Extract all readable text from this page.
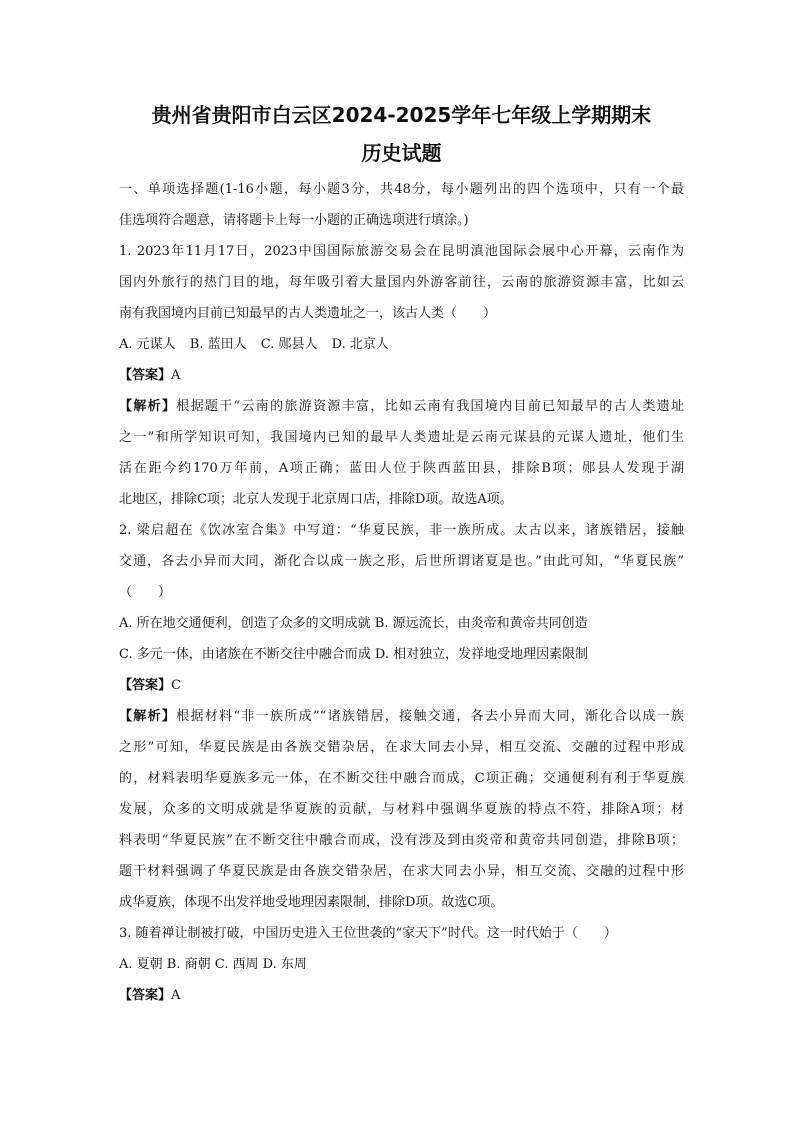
贵州省贵阳市白云区2024-2025学年七年级上学期期末
历史试题
一、单项选择题(1-16小题，每小题3分，共48分，每小题列出的四个选项中，只有一个最
佳选项符合题意，请将题卡上每一小题的正确选项进行填涂。)
1. 2023年11月17日，2023中国国际旅游交易会在昆明滇池国际会展中心开幕，云南作为
国内外旅行的热门目的地，每年吸引着大量国内外游客前往，云南的旅游资源丰富，比如云
南有我国境内目前已知最早的古人类遗址之一，该古人类（　　）
A. 元谋人 B. 蓝田人 C. 郧县人 D. 北京人
【答案】A
【解析】根据题干“云南的旅游资源丰富，比如云南有我国境内目前已知最早的古人类遗址
之一”和所学知识可知，我国境内已知的最早人类遗址是云南元谋县的元谋人遗址，他们生
活在距今约170万年前，A项正确；蓝田人位于陕西蓝田县，排除B项；郧县人发现于湖
北地区，排除C项；北京人发现于北京周口店，排除D项。故选A项。
2. 梁启超在《饮冰室合集》中写道：“华夏民族，非一族所成。太古以来，诸族错居，接触
交通，各去小异而大同，渐化合以成一族之形，后世所谓诸夏是也。”由此可知，“华夏民族”
（　　）
A. 所在地交通便利，创造了众多的文明成就 B. 源远流长，由炎帝和黄帝共同创造
C. 多元一体，由诸族在不断交往中融合而成 D. 相对独立，发祥地受地理因素限制
【答案】C
【解析】根据材料“非一族所成”“诸族错居，接触交通，各去小异而大同，渐化合以成一族
之形”可知，华夏民族是由各族交错杂居，在求大同去小异，相互交流、交融的过程中形成
的，材料表明华夏族多元一体，在不断交往中融合而成，C项正确；交通便利有利于华夏族
发展，众多的文明成就是华夏族的贡献，与材料中强调华夏族的特点不符，排除A项；材
料表明“华夏民族”在不断交往中融合而成，没有涉及到由炎帝和黄帝共同创造，排除B项；
题干材料强调了华夏民族是由各族交错杂居，在求大同去小异，相互交流、交融的过程中形
成华夏族，体现不出发祥地受地理因素限制，排除D项。故选C项。
3. 随着禅让制被打破，中国历史进入王位世袭的“家天下”时代。这一时代始于（　　）
A. 夏朝 B. 商朝 C. 西周 D. 东周
【答案】A
